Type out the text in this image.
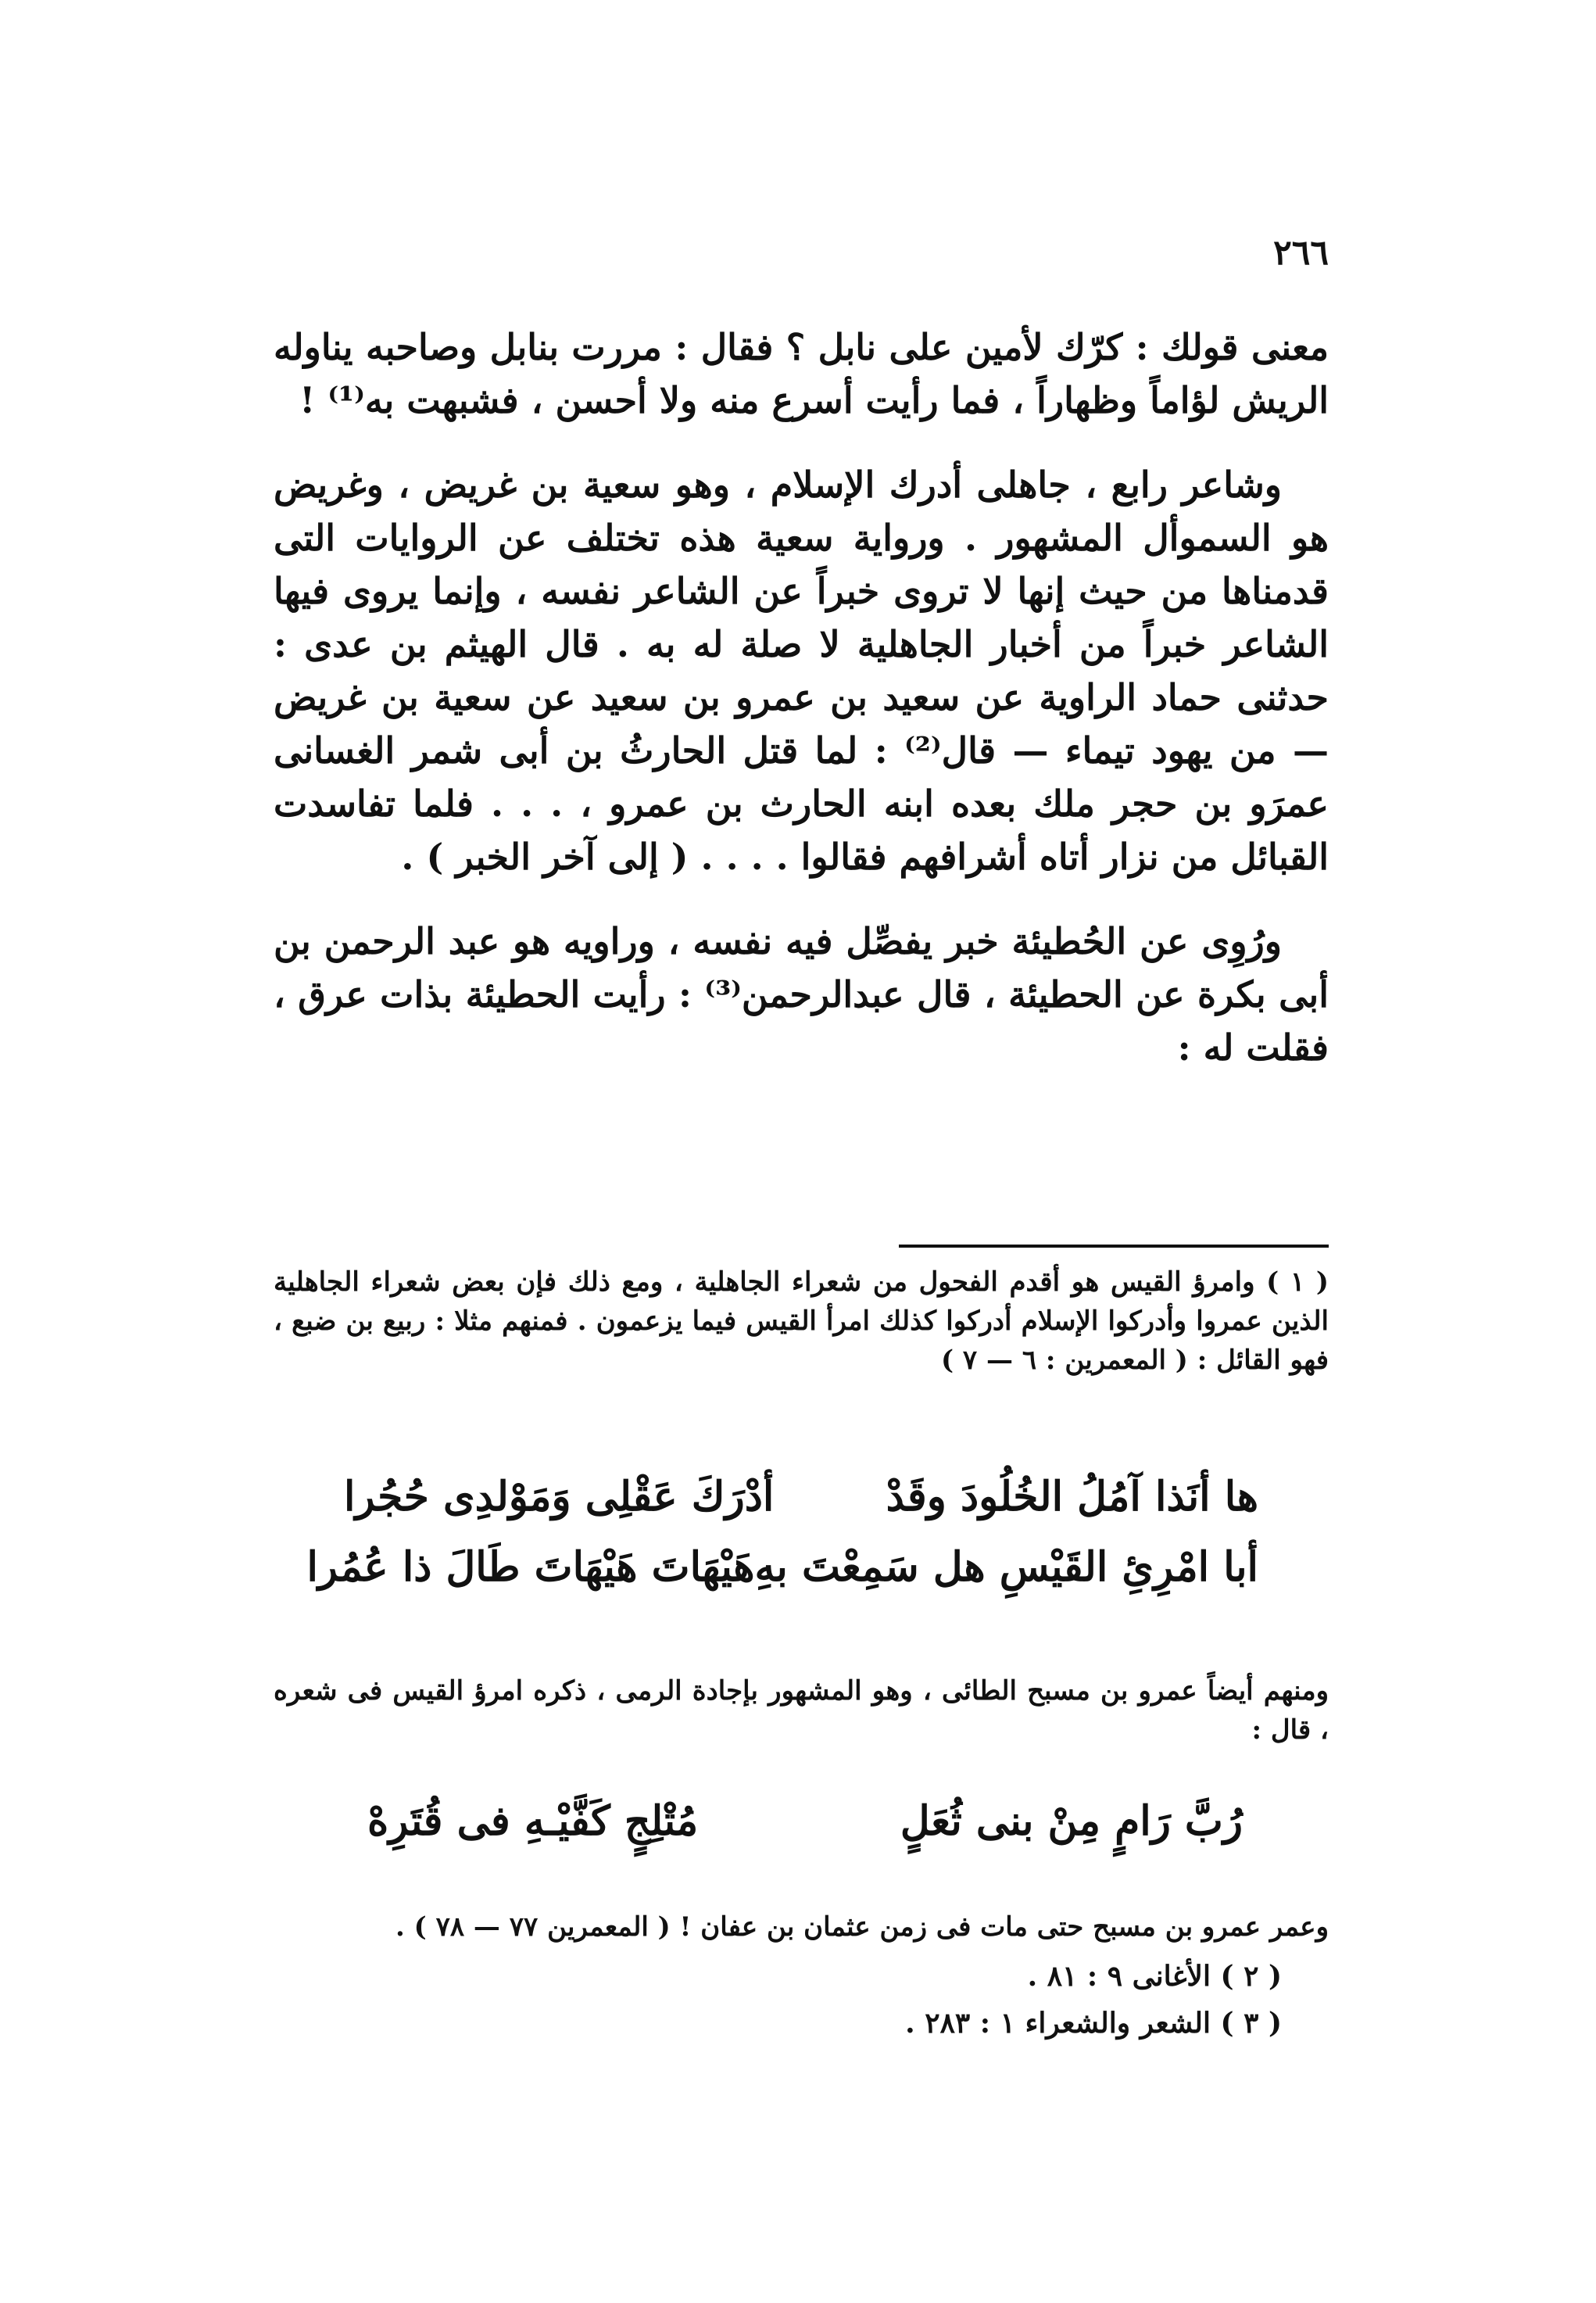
٢٦٦

معنى قولك : كرّك لأمين على نابل ؟ فقال : مررت بنابل وصاحبه يناوله الريش لؤاماً وظهاراً ، فما رأيت أسرع منه ولا أحسن ، فشبهت به⁽¹⁾ !

وشاعر رابع ، جاهلى أدرك الإسلام ، وهو سعية بن غريض ، وغريض هو السموأل المشهور . ورواية سعية هذه تختلف عن الروايات التى قدمناها من حيث إنها لا تروى خبراً عن الشاعر نفسه ، وإنما يروى فيها الشاعر خبراً من أخبار الجاهلية لا صلة له به . قال الهيثم بن عدى : حدثنى حماد الراوية عن سعيد بن عمرو بن سعيد عن سعية بن غريض — من يهود تيماء — قال⁽²⁾ : لما قتل الحارثُ بن أبى شمر الغسانى عمرَو بن حجر ملك بعده ابنه الحارث بن عمرو ، . . . فلما تفاسدت القبائل من نزار أتاه أشرافهم فقالوا . . . . ( إلى آخر الخبر ) .

ورُوِى عن الحُطيئة خبر يفصِّل فيه نفسه ، وراويه هو عبد الرحمن بن أبى بكرة عن الحطيئة ، قال عبدالرحمن⁽³⁾ : رأيت الحطيئة بذات عرق ، فقلت له :

( ١ ) وامرؤ القيس هو أقدم الفحول من شعراء الجاهلية ، ومع ذلك فإن بعض شعراء الجاهلية الذين عمروا وأدركوا الإسلام أدركوا كذلك امرأ القيس فيما يزعمون . فمنهم مثلا : ربيع بن ضبع ، فهو القائل : ( المعمرين : ٦ — ٧ )

ها أنَذا آمُلُ الخُلُودَ وقَدْ
أدْرَكَ عَقْلِى وَمَوْلدِى حُجُرا
أبا امْرِئِ القَيْسِ هل سَمِعْتَ بهِ
هَيْهَاتَ هَيْهَاتَ طَالَ ذا عُمُرا
ومنهم أيضاً عمرو بن مسبح الطائى ، وهو المشهور بإجادة الرمى ، ذكره امرؤ القيس فى شعره ، قال :
رُبَّ رَامٍ مِنْ بنى ثُعَلٍ
مُتْلِجٍ كَفَّيْـهِ فى قُتَرِهْ
وعمر عمرو بن مسبح حتى مات فى زمن عثمان بن عفان ! ( المعمرين ٧٧ — ٧٨ ) .
( ٢ ) الأغانى ٩ : ٨١ .
( ٣ ) الشعر والشعراء ١ : ٢٨٣ .
